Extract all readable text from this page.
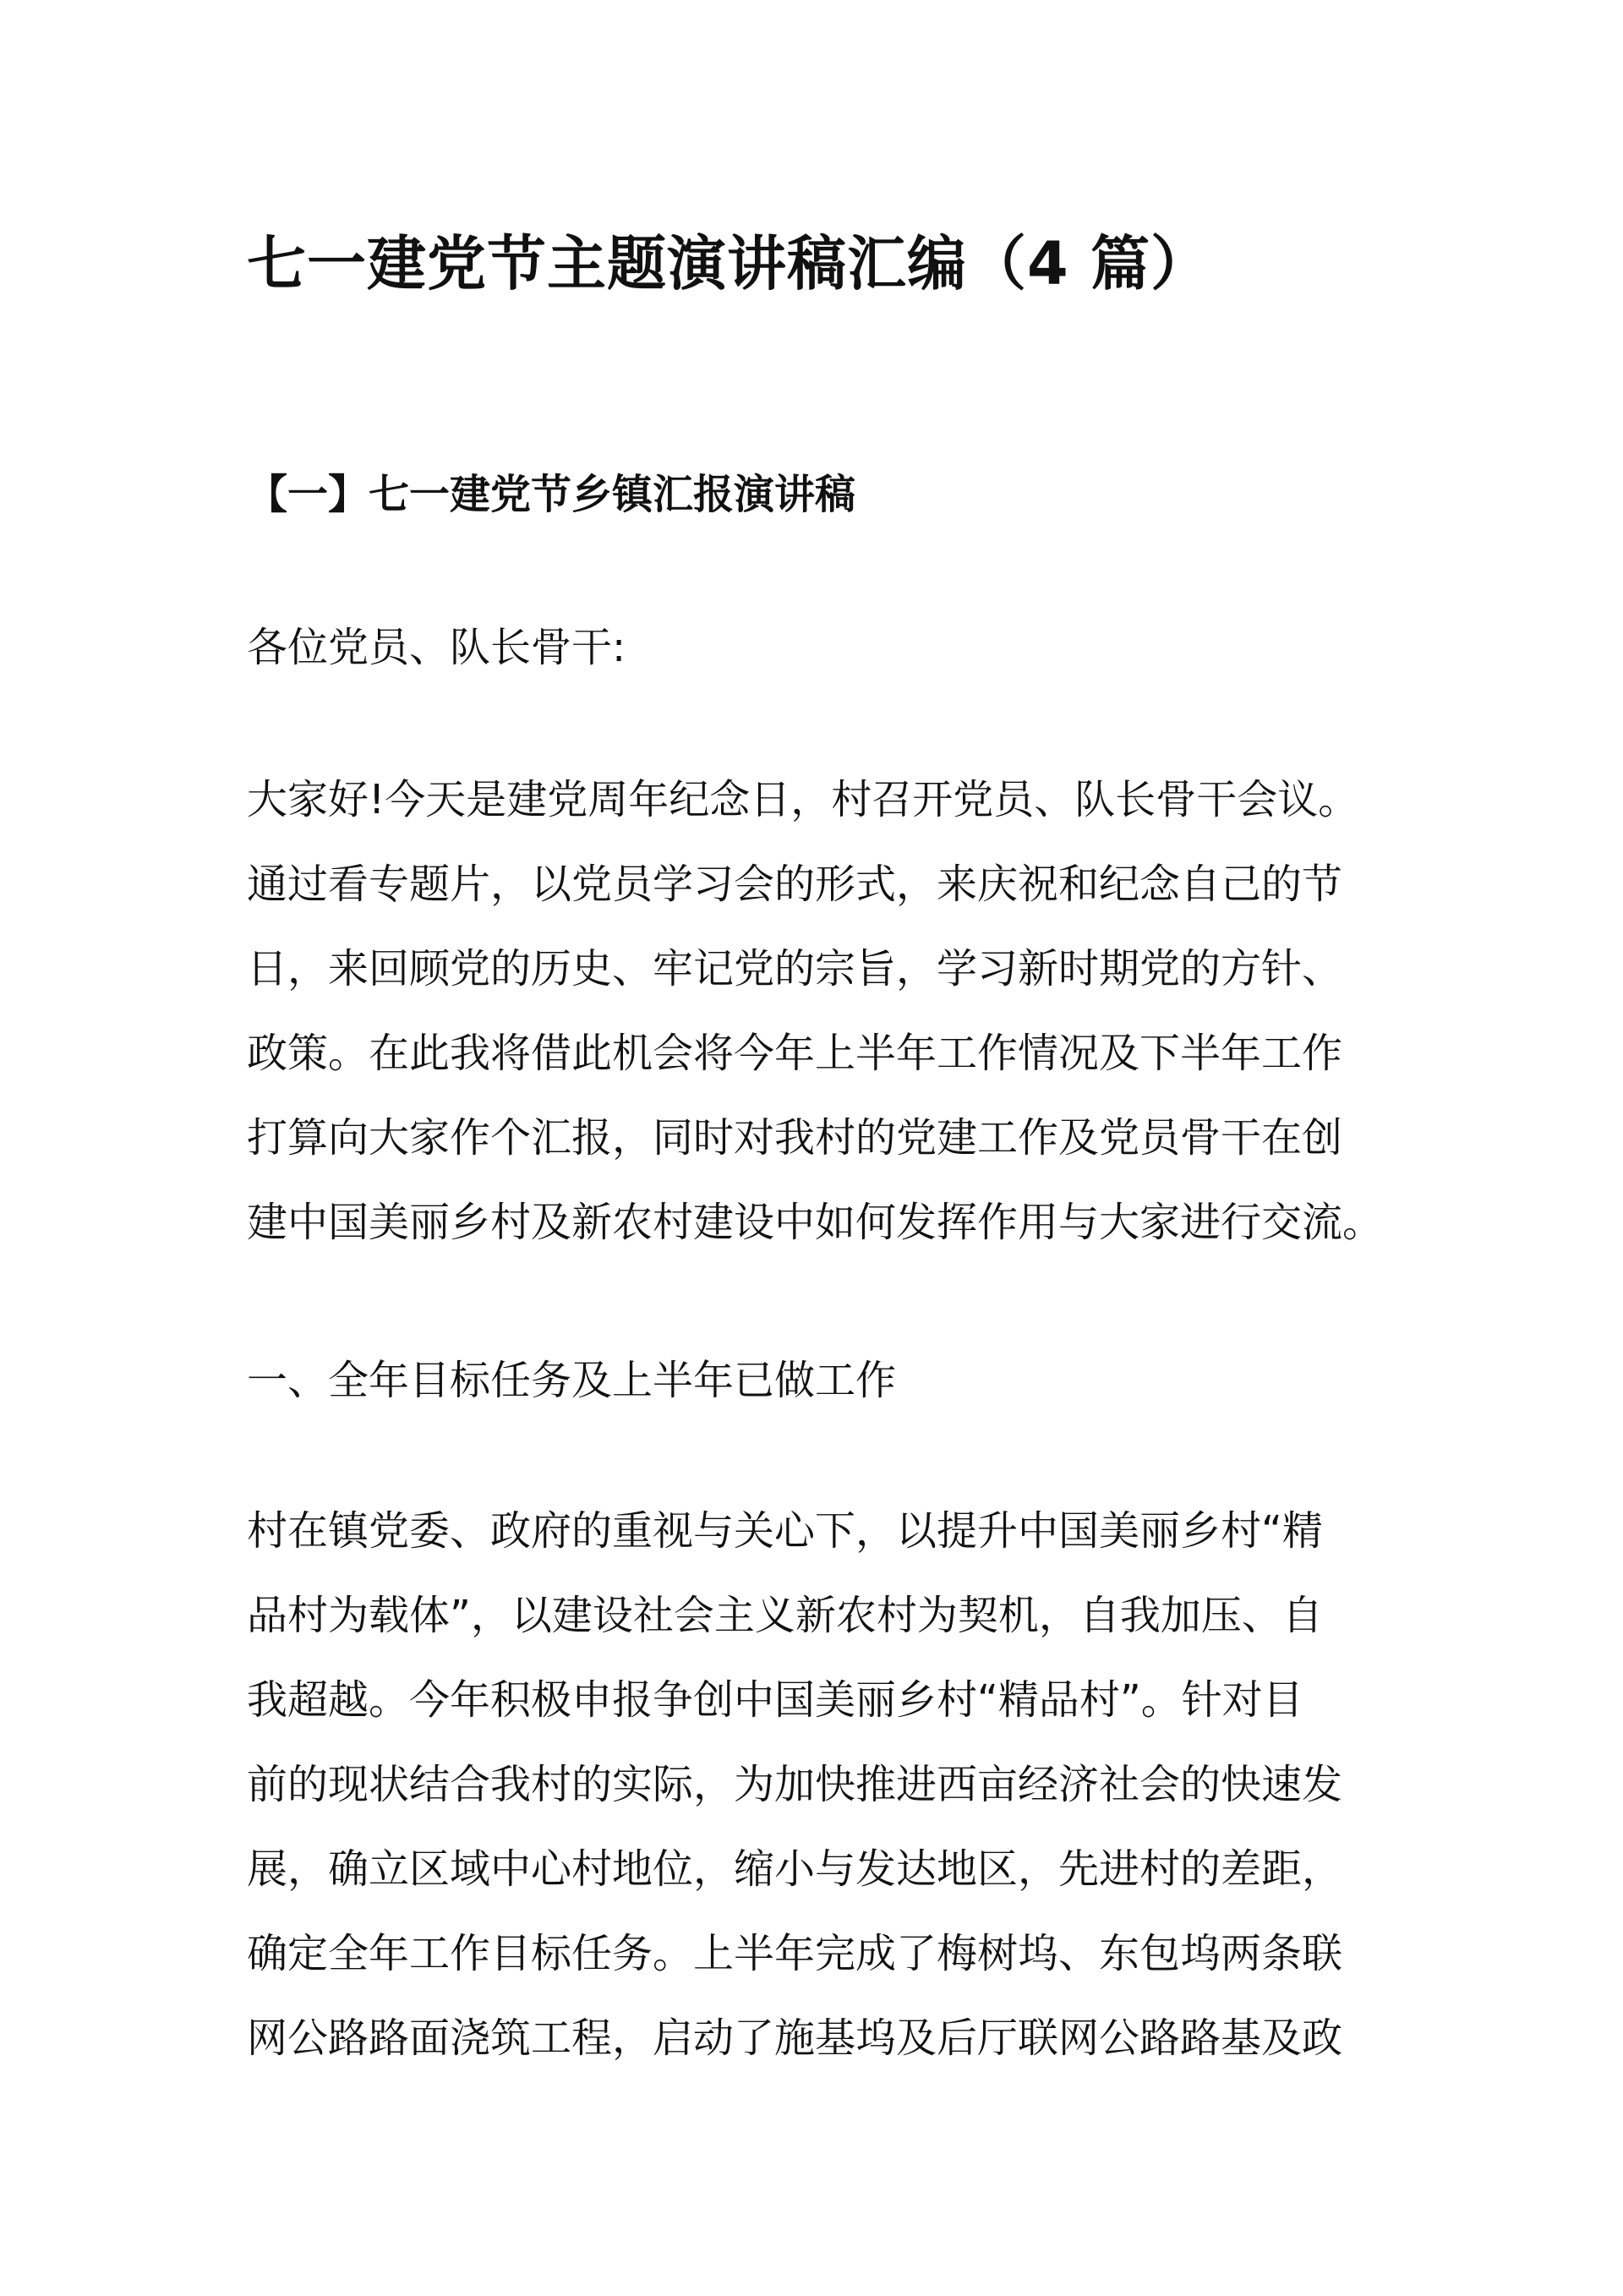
七一建党节主题演讲稿汇编（4 篇）
【一】七一建党节乡镇汇报演讲稿

各位党员、队长骨干:

大家好!今天是建党周年纪念日，村召开党员、队长骨干会议。
通过看专题片，以党员学习会的形式，来庆祝和纪念自己的节
日，来回顾党的历史、牢记党的宗旨，学习新时期党的方针、
政策。在此我将借此机会将今年上半年工作情况及下半年工作
打算向大家作个汇报，同时对我村的党建工作及党员骨干在创
建中国美丽乡村及新农村建设中如何发挥作用与大家进行交流。

一、全年目标任务及上半年已做工作

村在镇党委、政府的重视与关心下，以提升中国美丽乡村“精
品村为载体”，以建设社会主义新农村为契机，自我加压、自
我超越。今年积极申报争创中国美丽乡村“精品村”。针对目
前的现状结合我村的实际，为加快推进西亩经济社会的快速发
展，确立区域中心村地位，缩小与发达地区，先进村的差距，
确定全年工作目标任务。上半年完成了梅树坞、东包坞两条联
网公路路面浇筑工程，启动了施基坞及后厅联网公路路基及政
